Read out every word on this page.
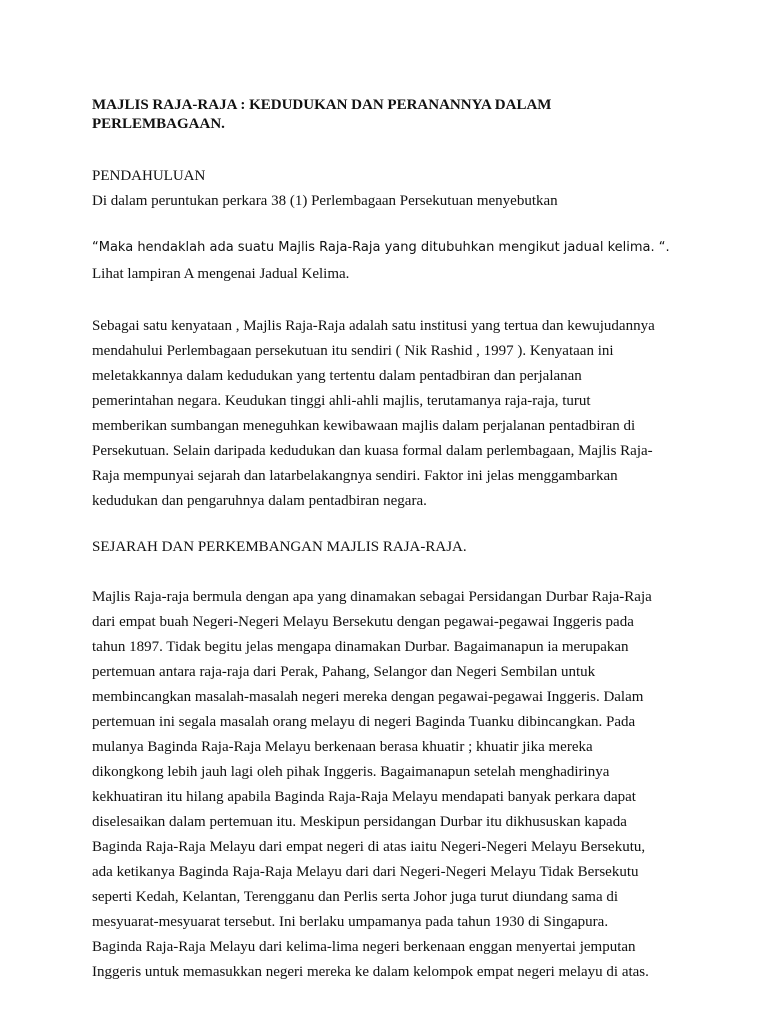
MAJLIS RAJA-RAJA : KEDUDUKAN DAN PERANANNYA DALAM
PERLEMBAGAAN.
PENDAHULUAN
Di dalam peruntukan perkara 38 (1) Perlembagaan Persekutuan menyebutkan
“Maka hendaklah ada suatu Majlis Raja-Raja yang ditubuhkan mengikut jadual kelima. “.
Lihat lampiran A mengenai Jadual Kelima.
Sebagai satu kenyataan , Majlis Raja-Raja adalah satu institusi yang tertua dan kewujudannya
mendahului Perlembagaan persekutuan itu sendiri ( Nik Rashid , 1997 ). Kenyataan ini
meletakkannya dalam kedudukan yang tertentu dalam pentadbiran dan perjalanan
pemerintahan negara. Keudukan tinggi ahli-ahli majlis, terutamanya raja-raja, turut
memberikan sumbangan meneguhkan kewibawaan majlis dalam perjalanan pentadbiran di
Persekutuan. Selain daripada kedudukan dan kuasa formal dalam perlembagaan, Majlis Raja-
Raja mempunyai sejarah dan latarbelakangnya sendiri. Faktor ini jelas menggambarkan
kedudukan dan pengaruhnya dalam pentadbiran negara.
SEJARAH DAN PERKEMBANGAN MAJLIS RAJA-RAJA.
Majlis Raja-raja bermula dengan apa yang dinamakan sebagai Persidangan Durbar Raja-Raja
dari empat buah Negeri-Negeri Melayu Bersekutu dengan pegawai-pegawai Inggeris pada
tahun 1897. Tidak begitu jelas mengapa dinamakan Durbar. Bagaimanapun ia merupakan
pertemuan antara raja-raja dari Perak, Pahang, Selangor dan Negeri Sembilan untuk
membincangkan masalah-masalah negeri mereka dengan pegawai-pegawai Inggeris. Dalam
pertemuan ini segala masalah orang melayu di negeri Baginda Tuanku dibincangkan. Pada
mulanya Baginda Raja-Raja Melayu berkenaan berasa khuatir ; khuatir jika mereka
dikongkong lebih jauh lagi oleh pihak Inggeris. Bagaimanapun setelah menghadirinya
kekhuatiran itu hilang apabila Baginda Raja-Raja Melayu mendapati banyak perkara dapat
diselesaikan dalam pertemuan itu. Meskipun persidangan Durbar itu dikhususkan kapada
Baginda Raja-Raja Melayu dari empat negeri di atas iaitu Negeri-Negeri Melayu Bersekutu,
ada ketikanya Baginda Raja-Raja Melayu dari dari Negeri-Negeri Melayu Tidak Bersekutu
seperti Kedah, Kelantan, Terengganu dan Perlis serta Johor juga turut diundang sama di
mesyuarat-mesyuarat tersebut. Ini berlaku umpamanya pada tahun 1930 di Singapura.
Baginda Raja-Raja Melayu dari kelima-lima negeri berkenaan enggan menyertai jemputan
Inggeris untuk memasukkan negeri mereka ke dalam kelompok empat negeri melayu di atas.
